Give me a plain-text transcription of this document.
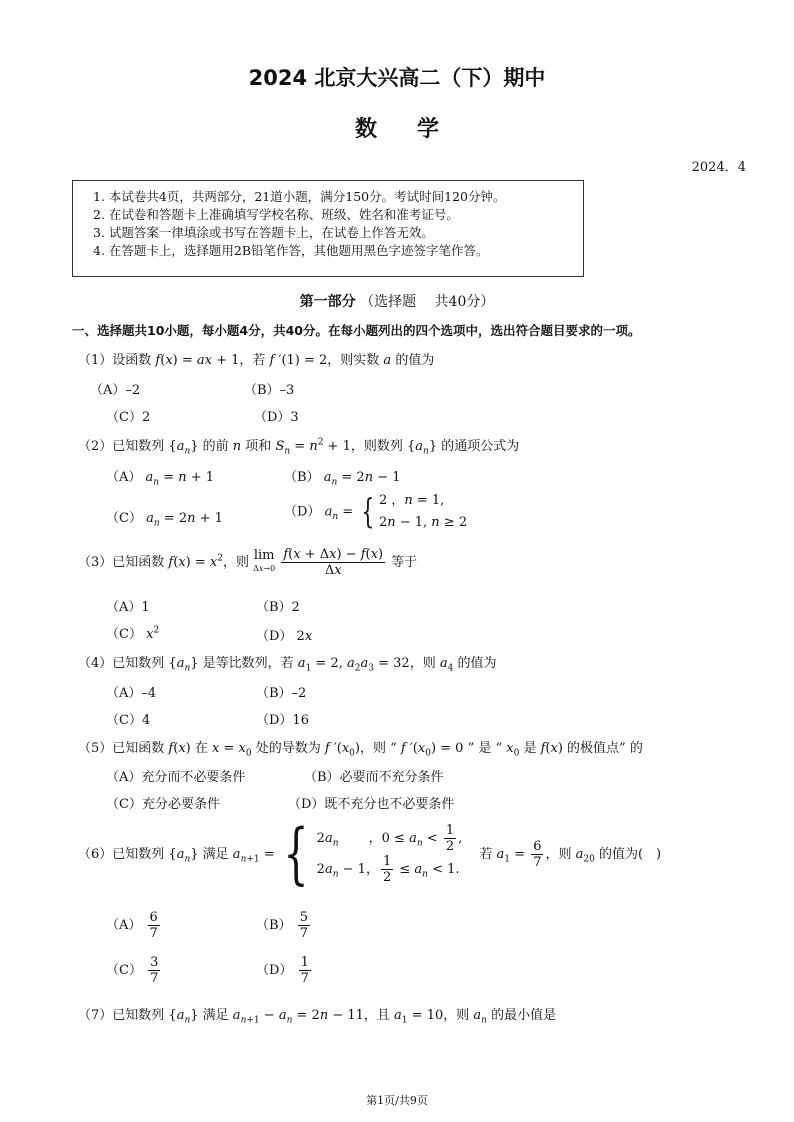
2024 北京大兴高二（下）期中
数学
2024．4
1. 本试卷共4页，共两部分，21道小题，满分150分。考试时间120分钟。
2. 在试卷和答题卡上准确填写学校名称、班级、姓名和准考证号。
3. 试题答案一律填涂或书写在答题卡上，在试卷上作答无效。
4. 在答题卡上，选择题用2B铅笔作答，其他题用黑色字迹签字笔作答。
第一部分 （选择题　 共40分）
一、选择题共10小题，每小题4分，共40分。在每小题列出的四个选项中，选出符合题目要求的一项。
（1）设函数 f(x) = ax + 1，若 f ′(1) = 2，则实数 a 的值为
（A）–2	（B）–3
（C）2	（D）3
（2）已知数列 $\{a_n\}$ 的前 n 项和 $S_n = n^2 + 1$，则数列 $\{a_n\}$ 的通项公式为
（A） $a_n = n + 1$	（B） $a_n = 2n - 1$
（C） $a_n = 2n + 1$	（D） $a_n$ = { 2 ，n = 1,
2n − 1, n ≥ 2
（3）已知函数 $f(x) = x^2$，则 lim
$\Delta x\to 0 \frac{f(x + \Delta x) - f(x)}{\Delta x}$ 等于
（A）1	（B）2
（C） $x^2$	（D） 2x
（4）已知数列 $\{a_n\}$ 是等比数列，若 $a_1 = 2$, $a_2a_3 = 32$，则 $a_4$ 的值为
（A）–4	（B）–2
（C）4	（D）16
（5）已知函数 f(x) 在 $x = x_0$ 处的导数为 f $'(x_0)$，则 “ f $'(x_0) = 0$ ” 是 “ $x_0$ 是 f(x) 的极值点” 的
（A）充分而不必要条件	（B）必要而不充分条件
（C）充分必要条件	（D）既不充分也不必要条件
（6）已知数列 $\{a_n\}$ 满足 $a_{n+1}$ ={ $2a_n$　　 ，$0 \le a_n < \frac{1}{2}$ ,
$2a_n - 1$， $\frac{1}{2} \le a_n < 1$.
　若 $a_1 = \frac{6}{7}$ ，则 $a_{20}$ 的值为(　)
$(A) \frac{6}{7}$	$(B) \frac{5}{7}$
$(C) \frac{3}{7}$	$(D) \frac{1}{7}$
（7）已知数列 $\{a_n\}$ 满足 $a_{n+1} - a_n = 2n - 11$，且 $a_1 = 10$，则 $a_n$ 的最小值是
第1页/共9页
